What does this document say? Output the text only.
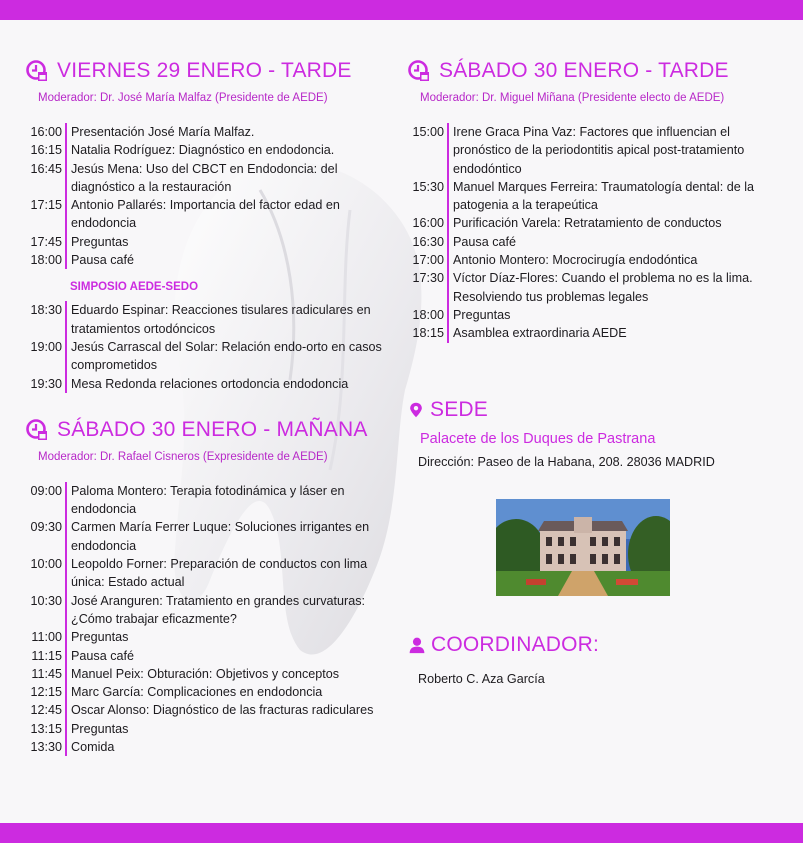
VIERNES 29 ENERO - TARDE
Moderador: Dr. José María Malfaz (Presidente de AEDE)
16:00 Presentación José María Malfaz.
16:15 Natalia Rodríguez: Diagnóstico en endodoncia.
16:45 Jesús Mena: Uso del CBCT en Endodoncia: del diagnóstico a la restauración
17:15 Antonio Pallarés: Importancia del factor edad en endodoncia
17:45 Preguntas
18:00 Pausa café
SIMPOSIO AEDE-SEDO
18:30 Eduardo Espinar: Reacciones tisulares radiculares en tratamientos ortodóncicos
19:00 Jesús Carrascal del Solar: Relación endo-orto en casos comprometidos
19:30 Mesa Redonda relaciones ortodoncia endodoncia
SÁBADO 30 ENERO - MAÑANA
Moderador: Dr. Rafael Cisneros (Expresidente de AEDE)
09:00 Paloma Montero: Terapia fotodinámica y láser en endodoncia
09:30 Carmen María Ferrer Luque: Soluciones irrigantes en endodoncia
10:00 Leopoldo Forner: Preparación de conductos con lima única: Estado actual
10:30 José Aranguren: Tratamiento en grandes curvaturas: ¿Cómo trabajar eficazmente?
11:00 Preguntas
11:15 Pausa café
11:45 Manuel Peix: Obturación: Objetivos y conceptos
12:15 Marc García: Complicaciones en endodoncia
12:45 Oscar Alonso: Diagnóstico de las fracturas radiculares
13:15 Preguntas
13:30 Comida
SÁBADO 30 ENERO - TARDE
Moderador: Dr. Miguel Miñana (Presidente electo de AEDE)
15:00 Irene Graca Pina Vaz: Factores que influencian el pronóstico de la periodontitis apical post-tratamiento endodóntico
15:30 Manuel Marques Ferreira: Traumatología dental: de la patogenia a la terapeútica
16:00 Purificación Varela: Retratamiento de conductos
16:30 Pausa café
17:00 Antonio Montero: Mocrocirugía endodóntica
17:30 Víctor Díaz-Flores: Cuando el problema no es la lima. Resolviendo tus problemas legales
18:00 Preguntas
18:15 Asamblea extraordinaria AEDE
SEDE
Palacete de los Duques de Pastrana
Dirección: Paseo de la Habana, 208. 28036 MADRID
COORDINADOR:
Roberto C. Aza García
